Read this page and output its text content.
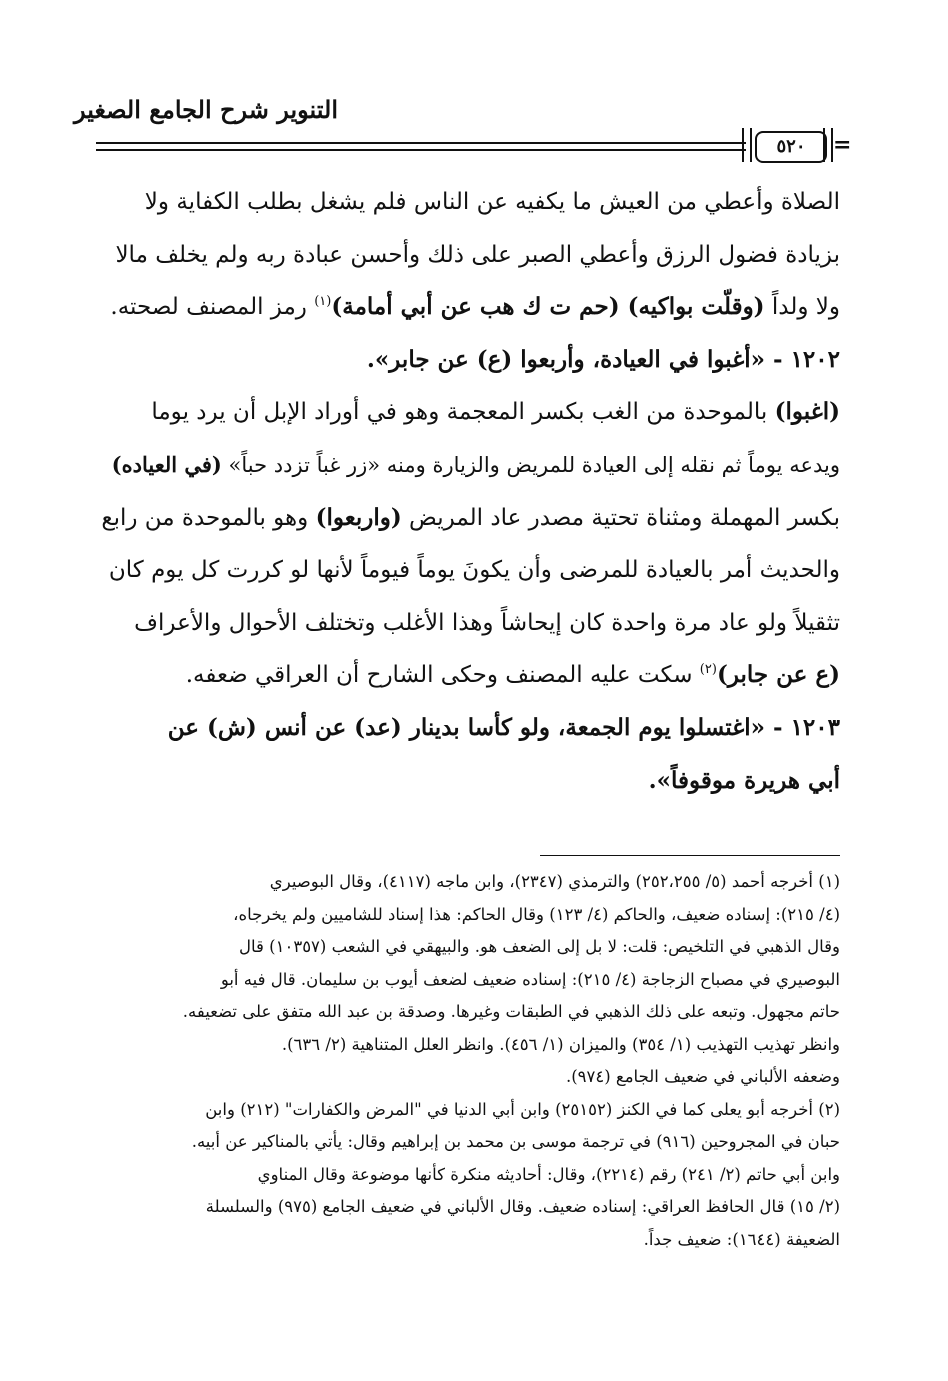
التنوير شرح الجامع الصغير
٥٢٠	=
الصلاة وأعطي من العيش ما يكفيه عن الناس فلم يشغل بطلب الكفاية ولا
بزيادة فضول الرزق وأعطي الصبر على ذلك وأحسن عبادة ربه ولم يخلف مالا
ولا ولداً (وقلّت بواكيه) (حم ت ك هب عن أبي أمامة)$^{(١)}$ رمز المصنف لصحته.
١٢٠٢ - «أغبوا في العيادة، وأربعوا (ع) عن جابر».
(اغبوا) بالموحدة من الغب بكسر المعجمة وهو في أوراد الإبل أن يرد يوما
ويدعه يوماً ثم نقله إلى العيادة للمريض والزيارة ومنه «زر غباً تزدد حباً» (في العياده)
بكسر المهملة ومثناة تحتية مصدر عاد المريض (واربعوا) وهو بالموحدة من رابع
والحديث أمر بالعيادة للمرضى وأن يكونَ يوماً فيوماً لأنها لو كررت كل يوم كان
تثقيلاً ولو عاد مرة واحدة كان إيحاشاً وهذا الأغلب وتختلف الأحوال والأعراف
(ع عن جابر)$^{(٢)}$ سكت عليه المصنف وحكى الشارح أن العراقي ضعفه.
١٢٠٣ - «اغتسلوا يوم الجمعة، ولو كأسا بدينار (عد) عن أنس (ش) عن
أبي هريرة موقوفاً».
(١) أخرجه أحمد (٥/ ٢٥٢،٢٥٥) والترمذي (٢٣٤٧)، وابن ماجه (٤١١٧)، وقال البوصيري
(٤/ ٢١٥): إسناده ضعيف، والحاكم (٤/ ١٢٣) وقال الحاكم: هذا إسناد للشاميين ولم يخرجاه،
وقال الذهبي في التلخيص: قلت: لا بل إلى الضعف هو. والبيهقي في الشعب (١٠٣٥٧) قال
البوصيري في مصباح الزجاجة (٤/ ٢١٥): إسناده ضعيف لضعف أيوب بن سليمان. قال فيه أبو
حاتم مجهول. وتبعه على ذلك الذهبي في الطبقات وغيرها. وصدقة بن عبد الله متفق على تضعيفه.
وانظر تهذيب التهذيب (١/ ٣٥٤) والميزان (١/ ٤٥٦). وانظر العلل المتناهية (٢/ ٦٣٦).
وضعفه الألباني في ضعيف الجامع (٩٧٤).
(٢) أخرجه أبو يعلى كما في الكنز (٢٥١٥٢) وابن أبي الدنيا في "المرض والكفارات" (٢١٢) وابن
حبان في المجروحين (٩١٦) في ترجمة موسى بن محمد بن إبراهيم وقال: يأتي بالمناكير عن أبيه.
وابن أبي حاتم (٢/ ٢٤١) رقم (٢٢١٤)، وقال: أحاديثه منكرة كأنها موضوعة وقال المناوي
(٢/ ١٥) قال الحافظ العراقي: إسناده ضعيف. وقال الألباني في ضعيف الجامع (٩٧٥) والسلسلة
الضعيفة (١٦٤٤): ضعيف جداً.
